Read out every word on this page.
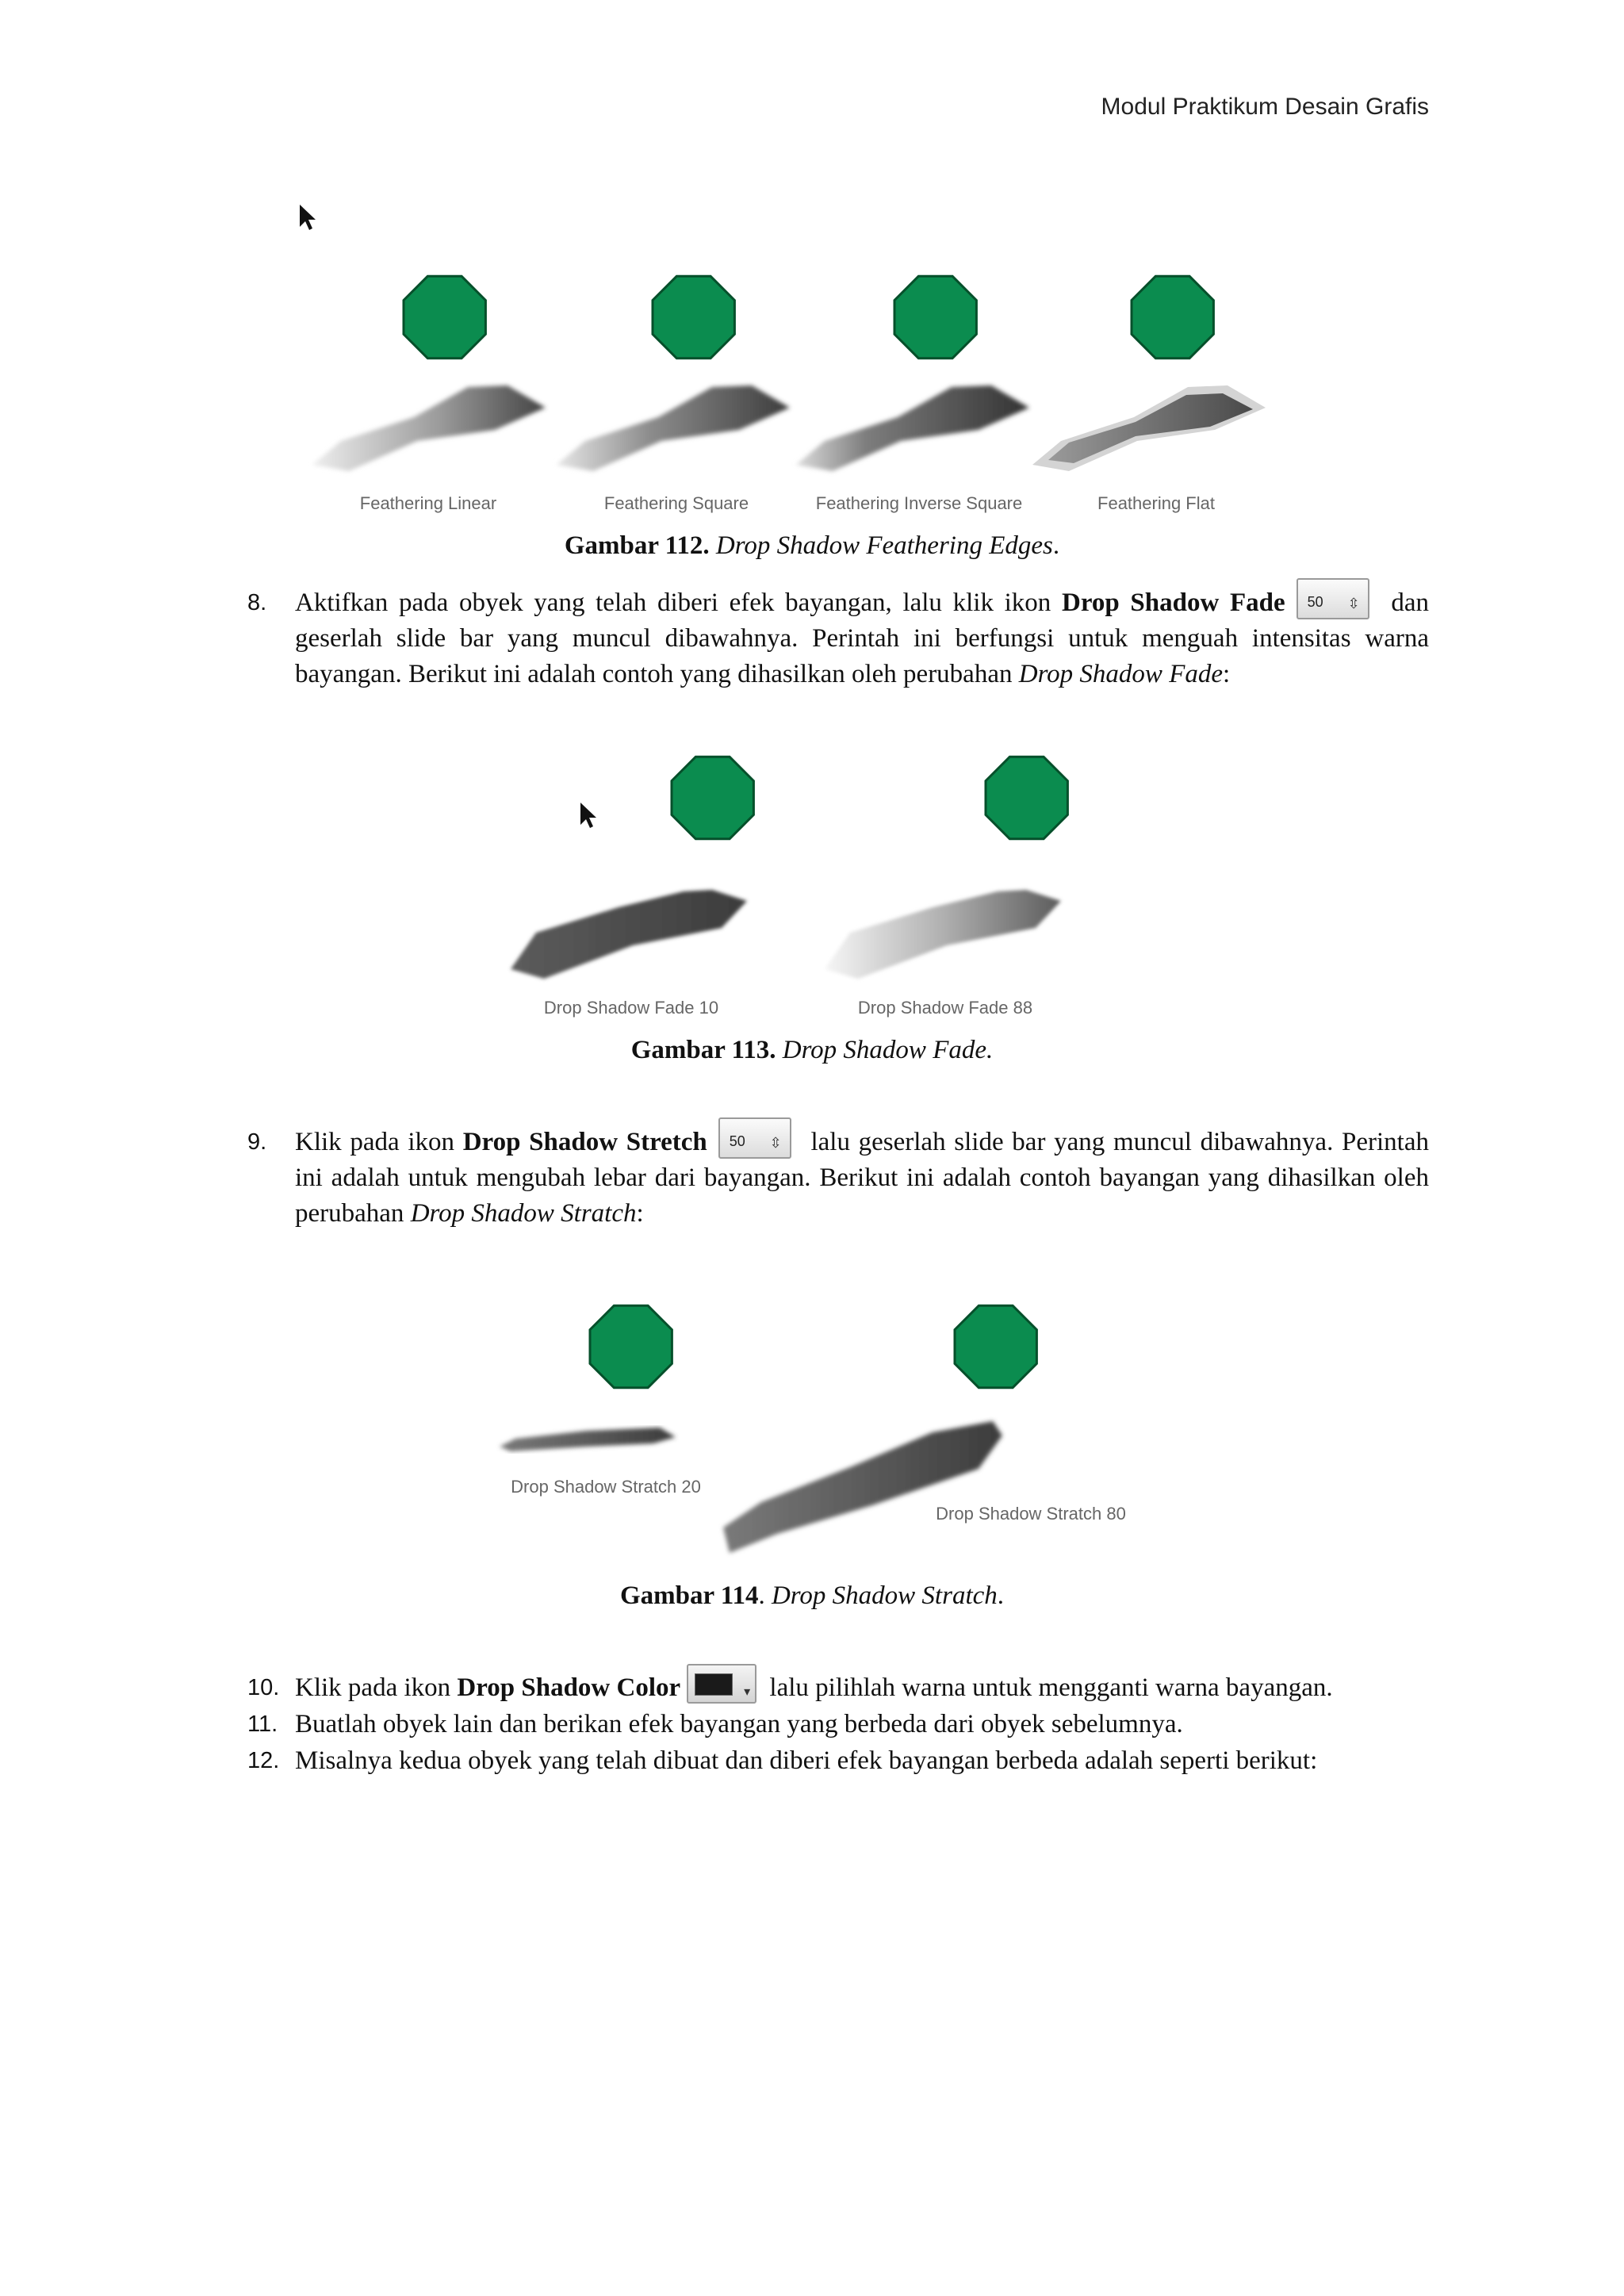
Modul Praktikum Desain Grafis
Feathering Linear	Feathering Square	Feathering Inverse Square	Feathering Flat
Gambar 112. Drop Shadow Feathering Edges.
8. Aktifkan pada obyek yang telah diberi efek bayangan, lalu klik ikon Drop Shadow Fade 50 ⇳ dan geserlah slide bar yang muncul dibawahnya. Perintah ini berfungsi untuk menguah intensitas warna bayangan. Berikut ini adalah contoh yang dihasilkan oleh perubahan Drop Shadow Fade:
Drop Shadow Fade 10	Drop Shadow Fade 88
Gambar 113. Drop Shadow Fade.
9. Klik pada ikon Drop Shadow Stretch 50 ⇳ lalu geserlah slide bar yang muncul dibawahnya. Perintah ini adalah untuk mengubah lebar dari bayangan. Berikut ini adalah contoh bayangan yang dihasilkan oleh perubahan Drop Shadow Stratch:
Drop Shadow Stratch 20
Drop Shadow Stratch 80
Gambar 114. Drop Shadow Stratch.
10. Klik pada ikon Drop Shadow Color	▾ lalu pilihlah warna untuk mengganti warna bayangan.
11. Buatlah obyek lain dan berikan efek bayangan yang berbeda dari obyek sebelumnya.
12. Misalnya kedua obyek yang telah dibuat dan diberi efek bayangan berbeda adalah seperti berikut:
